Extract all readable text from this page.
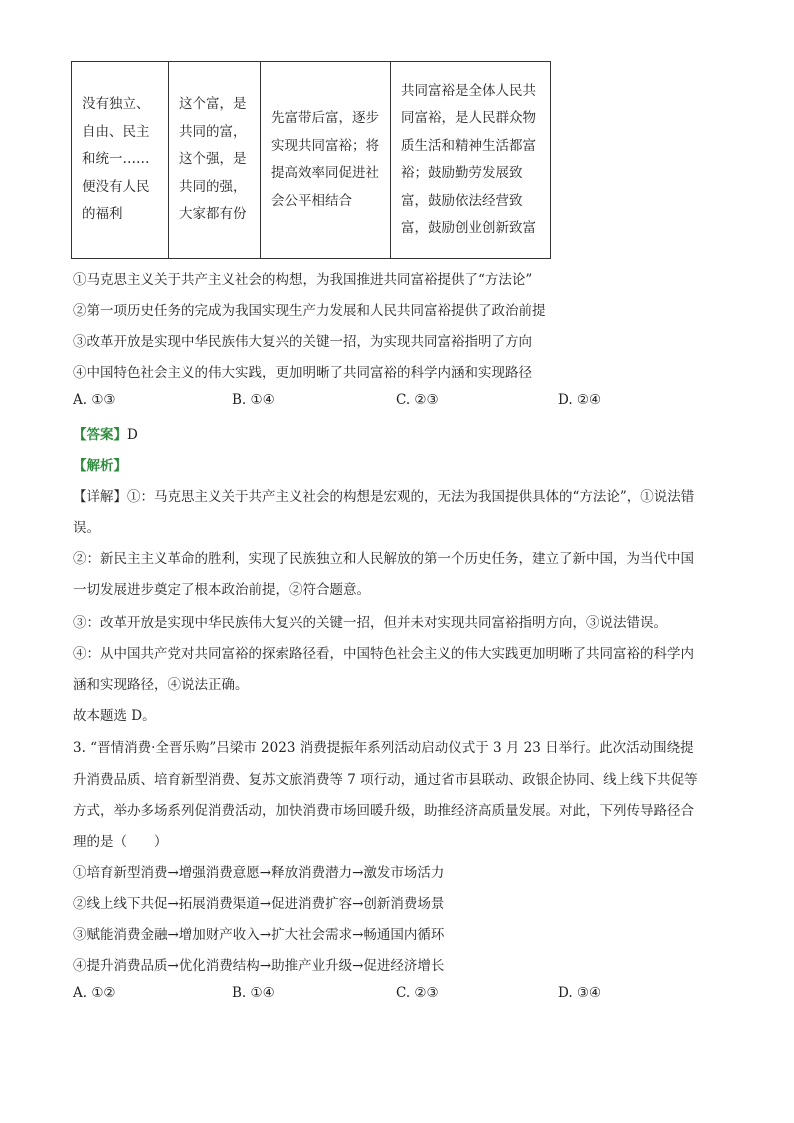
没有独立、
自由、民主
和统一……
便没有人民
的福利

这个富，是
共同的富，
这个强，是
共同的强，
大家都有份

先富带后富，逐步
实现共同富裕；将
提高效率同促进社
会公平相结合

共同富裕是全体人民共
同富裕，是人民群众物
质生活和精神生活都富
裕；鼓励勤劳发展致
富，鼓励依法经营致
富，鼓励创业创新致富
①马克思主义关于共产主义社会的构想，为我国推进共同富裕提供了“方法论”
②第一项历史任务的完成为我国实现生产力发展和人民共同富裕提供了政治前提
③改革开放是实现中华民族伟大复兴的关键一招，为实现共同富裕指明了方向
④中国特色社会主义的伟大实践，更加明晰了共同富裕的科学内涵和实现路径
A. ①③	B. ①④	C. ②③	D. ②④
【答案】D
【解析】
【详解】①：马克思主义关于共产主义社会的构想是宏观的，无法为我国提供具体的“方法论”，①说法错
误。
②：新民主主义革命的胜利，实现了民族独立和人民解放的第一个历史任务，建立了新中国，为当代中国
一切发展进步奠定了根本政治前提，②符合题意。
③：改革开放是实现中华民族伟大复兴的关键一招，但并未对实现共同富裕指明方向，③说法错误。
④：从中国共产党对共同富裕的探索路径看，中国特色社会主义的伟大实践更加明晰了共同富裕的科学内
涵和实现路径，④说法正确。
故本题选 D。
3. “晋情消费·全晋乐购”吕梁市 2023 消费提振年系列活动启动仪式于 3 月 23 日举行。此次活动围绕提
升消费品质、培育新型消费、复苏文旅消费等 7 项行动，通过省市县联动、政银企协同、线上线下共促等
方式，举办多场系列促消费活动，加快消费市场回暖升级，助推经济高质量发展。对此，下列传导路径合
理的是（　　）
①培育新型消费→增强消费意愿→释放消费潜力→激发市场活力
②线上线下共促→拓展消费渠道→促进消费扩容→创新消费场景
③赋能消费金融→增加财产收入→扩大社会需求→畅通国内循环
④提升消费品质→优化消费结构→助推产业升级→促进经济增长
A. ①②	B. ①④	C. ②③	D. ③④
